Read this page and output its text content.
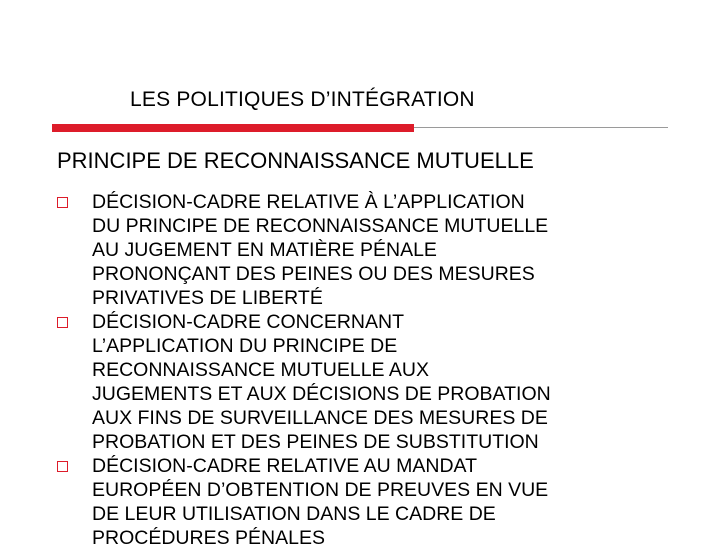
LES POLITIQUES D’INTÉGRATION
PRINCIPE DE RECONNAISSANCE MUTUELLE
DÉCISION-CADRE RELATIVE À L’APPLICATION
DU PRINCIPE DE RECONNAISSANCE MUTUELLE
AU JUGEMENT EN MATIÈRE PÉNALE
PRONONÇANT DES PEINES OU DES MESURES
PRIVATIVES DE LIBERTÉ
DÉCISION-CADRE CONCERNANT
L’APPLICATION DU PRINCIPE DE
RECONNAISSANCE MUTUELLE AUX
JUGEMENTS ET AUX DÉCISIONS DE PROBATION
AUX FINS DE SURVEILLANCE DES MESURES DE
PROBATION ET DES PEINES DE SUBSTITUTION
DÉCISION-CADRE RELATIVE AU MANDAT
EUROPÉEN D’OBTENTION DE PREUVES EN VUE
DE LEUR UTILISATION DANS LE CADRE DE
PROCÉDURES PÉNALES
